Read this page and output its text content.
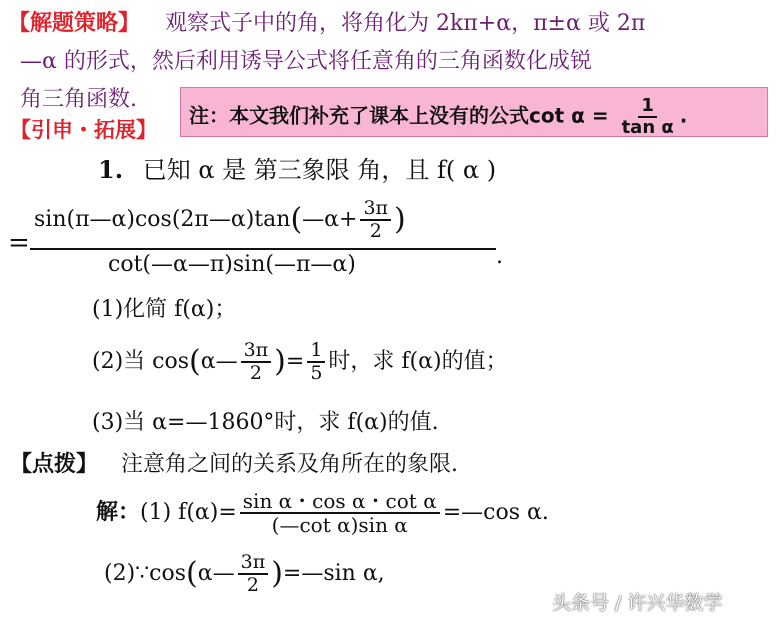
【解题策略】 观察式子中的角，将角化为 2kπ+α，π±α 或 2π
—α 的形式，然后利用诱导公式将任意角的三角函数化成锐
角三角函数.
【引申・拓展】
注：本文我们补充了课本上没有的公式$\cot \alpha = \frac{1}{\text{tan α}}$ .
1. 已知 α 是 第三象限 角，且 f( α )
sin(π—α)cos(2π—α)tan(—α+ $\frac{3\pi}{2}$ )
=
cot(—α—π)sin(—π—α)	.
(1)化简 f(α)；
(2)当 cos(α— $\frac{3\pi}{2}$ )= $\frac{1}{5}$ 时，求 f(α)的值；
(3)当 α=—1860°时，求 f(α)的值.
【点拨】 注意角之间的关系及角所在的象限.
解：(1) $f(\alpha)= \frac{\text{sin α・cos α・cot α}}{\text{(—cot α)sin α}}$ =—cos α.
(2)∵cos(α— $\frac{3\pi}{2}$ )=—sin α,
头条号 / 许兴华数学
